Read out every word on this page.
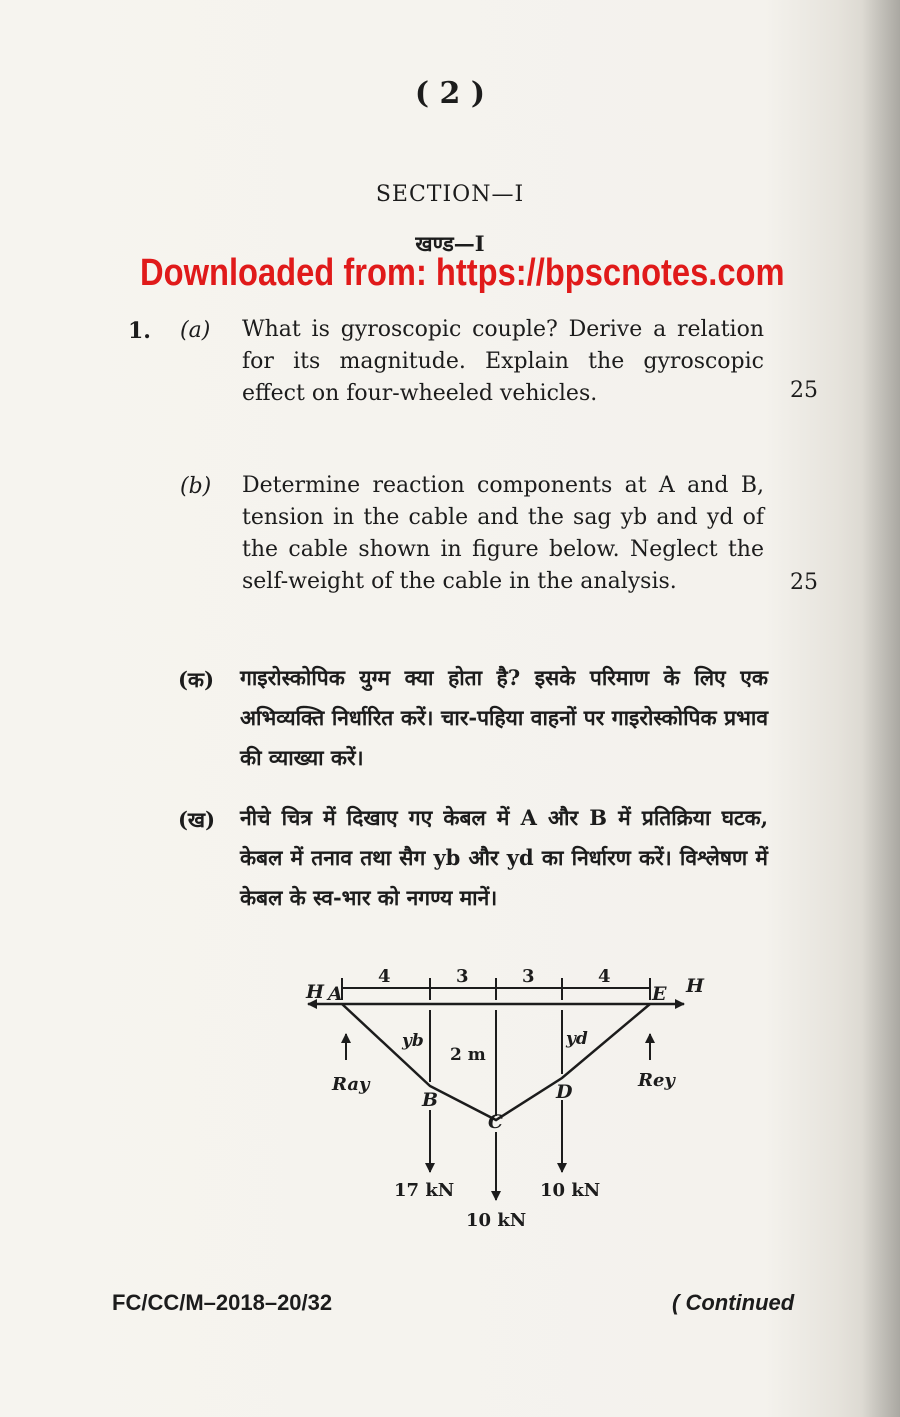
( 2 )
SECTION—I
खण्ड—I
Downloaded from: https://bpscnotes.com
1. (a) What is gyroscopic couple? Derive a relation for its magnitude. Explain the gyroscopic effect on four-wheeled vehicles.	25
(b) Determine reaction components at A and B, tension in the cable and the sag yb and yd of the cable shown in figure below. Neglect the self-weight of the cable in the analysis.	25
(क) गाइरोस्कोपिक युग्म क्या होता है? इसके परिमाण के लिए एक अभिव्यक्ति निर्धारित करें। चार-पहिया वाहनों पर गाइरोस्कोपिक प्रभाव की व्याख्या करें।
(ख) नीचे चित्र में दिखाए गए केबल में A और B में प्रतिक्रिया घटक, केबल में तनाव तथा सैग yb और yd का निर्धारण करें। विश्लेषण में केबल के स्व-भार को नगण्य मानें।
4	3	3	4
H	H
A
B
C
D
E
yb
2 m
yd
Ray	Rey
17 kN
10 kN
10 kN
FC/CC/M–2018–20/32	( Continued
